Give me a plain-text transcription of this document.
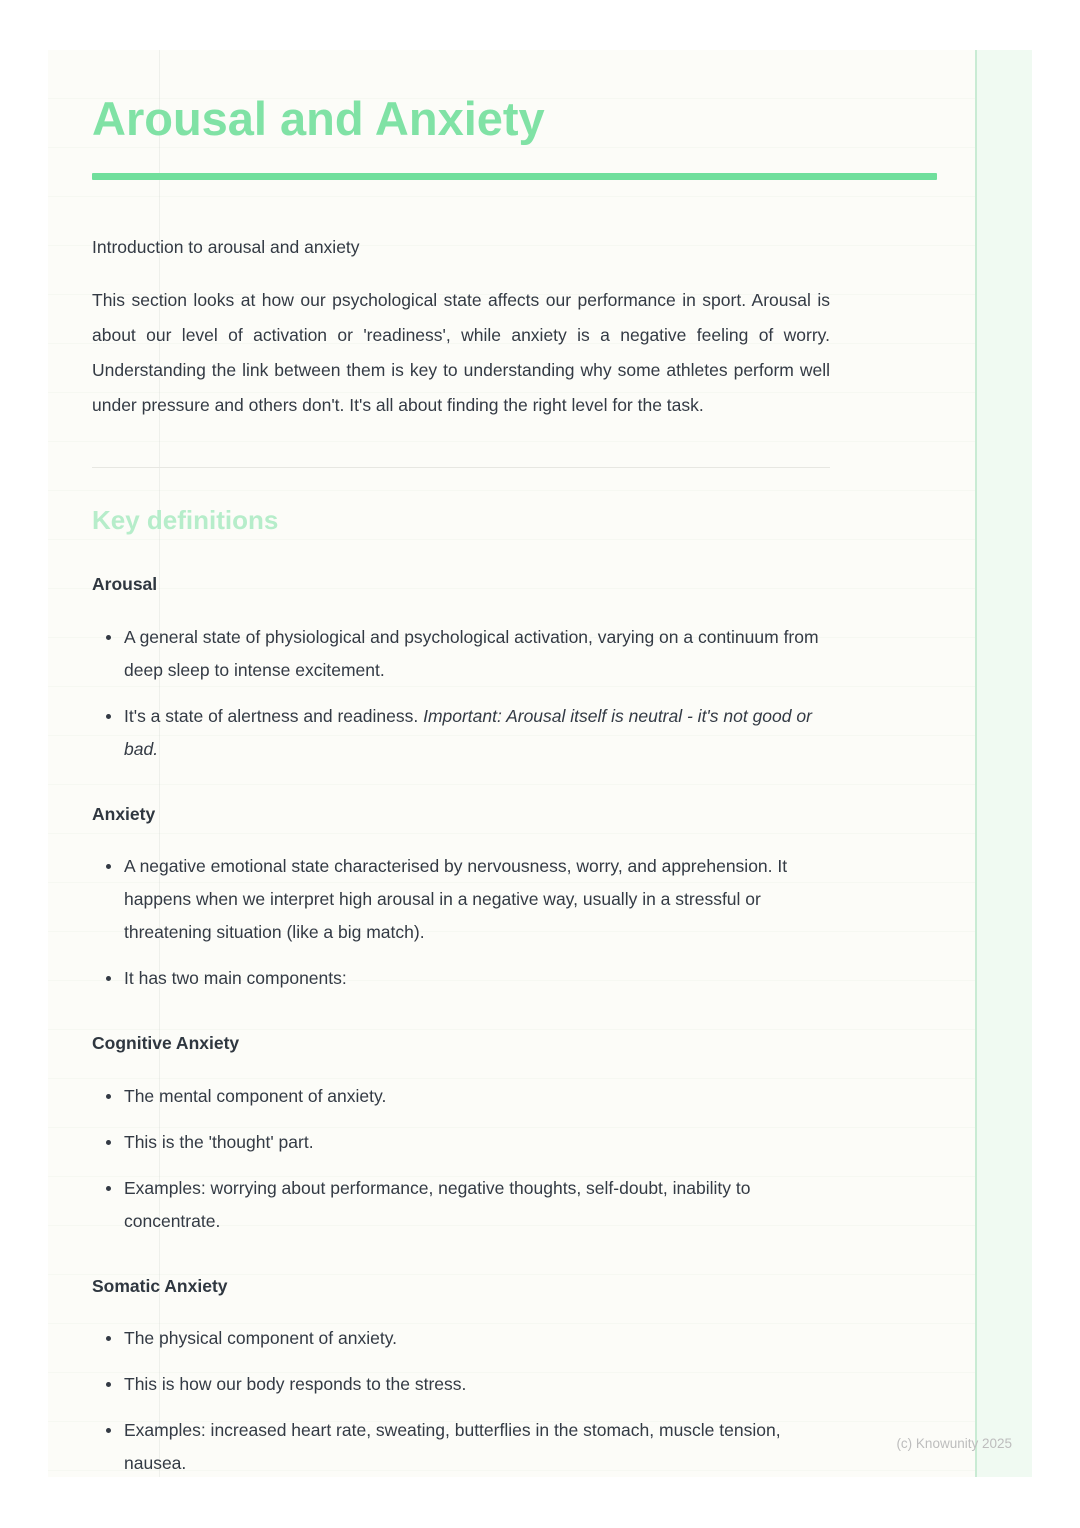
Arousal and Anxiety
Introduction to arousal and anxiety
This section looks at how our psychological state affects our performance in sport. Arousal is about our level of activation or 'readiness', while anxiety is a negative feeling of worry. Understanding the link between them is key to understanding why some athletes perform well under pressure and others don't. It's all about finding the right level for the task.
Key definitions
Arousal
A general state of physiological and psychological activation, varying on a continuum from deep sleep to intense excitement.
It's a state of alertness and readiness. Important: Arousal itself is neutral - it's not good or bad.
Anxiety
A negative emotional state characterised by nervousness, worry, and apprehension. It happens when we interpret high arousal in a negative way, usually in a stressful or threatening situation (like a big match).
It has two main components:
Cognitive Anxiety
The mental component of anxiety.
This is the 'thought' part.
Examples: worrying about performance, negative thoughts, self-doubt, inability to concentrate.
Somatic Anxiety
The physical component of anxiety.
This is how our body responds to the stress.
Examples: increased heart rate, sweating, butterflies in the stomach, muscle tension, nausea.
(c) Knowunity 2025
